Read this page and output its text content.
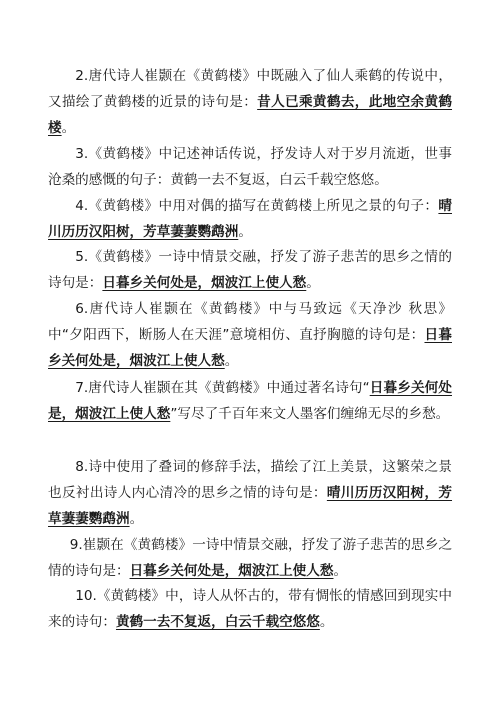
2.唐代诗人崔颢在《黄鹤楼》中既融入了仙人乘鹤的传说中，又描绘了黄鹤楼的近景的诗句是：昔人已乘黄鹤去，此地空余黄鹤楼。

3.《黄鹤楼》中记述神话传说，抒发诗人对于岁月流逝，世事沧桑的感慨的句子：黄鹤一去不复返，白云千载空悠悠。

4.《黄鹤楼》中用对偶的描写在黄鹤楼上所见之景的句子：晴川历历汉阳树，芳草萋萋鹦鹉洲。

5.《黄鹤楼》一诗中情景交融，抒发了游子悲苦的思乡之情的诗句是：日暮乡关何处是，烟波江上使人愁。

6.唐代诗人崔颢在《黄鹤楼》中与马致远《天净沙 秋思》中“夕阳西下，断肠人在天涯”意境相仿、直抒胸臆的诗句是：日暮乡关何处是，烟波江上使人愁。

7.唐代诗人崔颢在其《黄鹤楼》中通过著名诗句“日暮乡关何处是，烟波江上使人愁”写尽了千百年来文人墨客们缠绵无尽的乡愁。

8.诗中使用了叠词的修辞手法，描绘了江上美景，这繁荣之景也反衬出诗人内心清冷的思乡之情的诗句是：晴川历历汉阳树，芳草萋萋鹦鹉洲。

9.崔颢在《黄鹤楼》一诗中情景交融，抒发了游子悲苦的思乡之情的诗句是：日暮乡关何处是，烟波江上使人愁。

10.《黄鹤楼》中，诗人从怀古的，带有惆怅的情感回到现实中来的诗句：黄鹤一去不复返，白云千载空悠悠。
